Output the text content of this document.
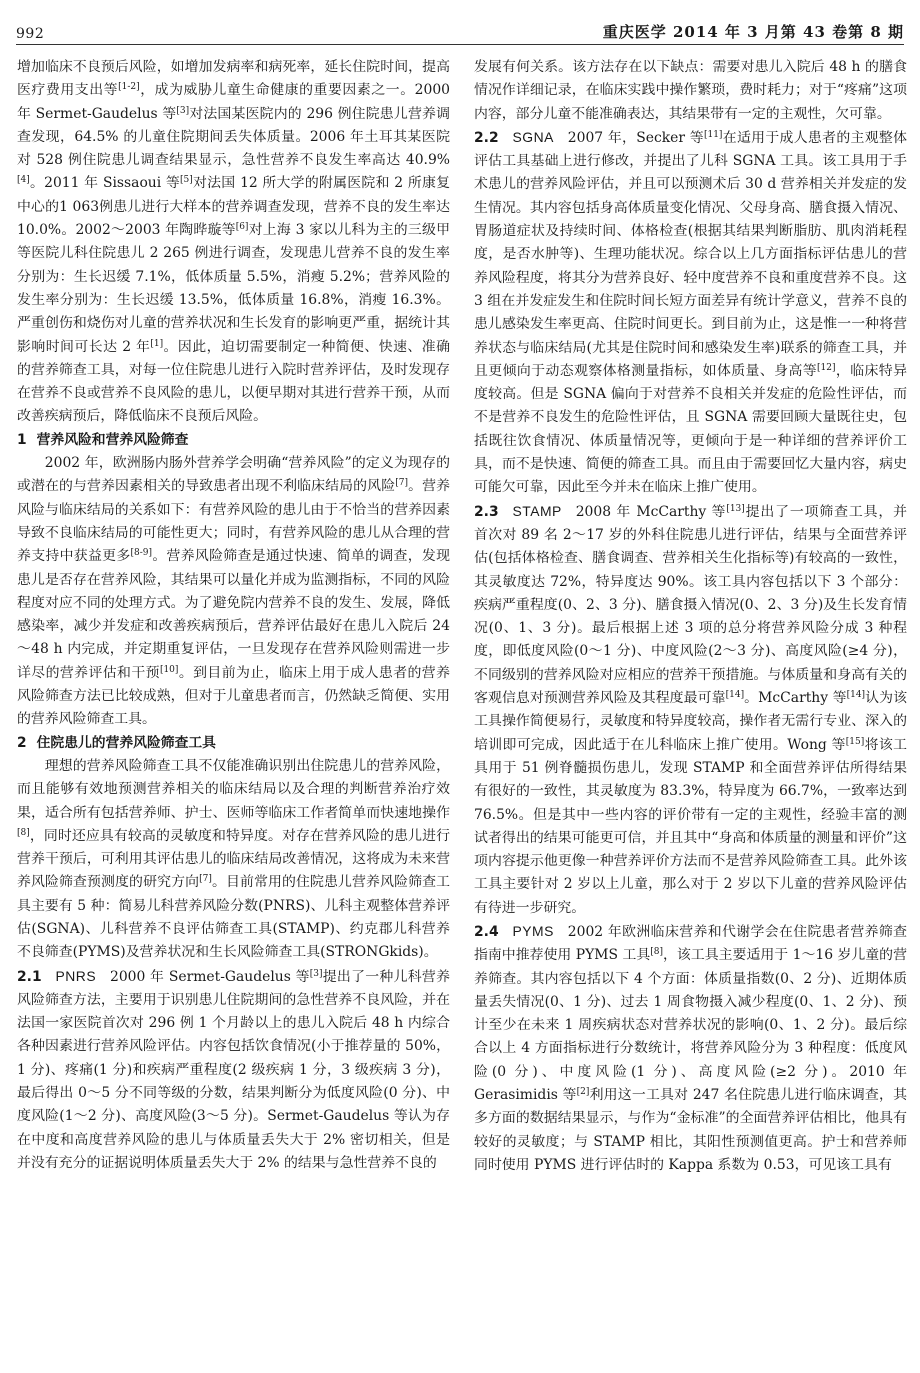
992	重庆医学 2014 年 3 月第 43 卷第 8 期

增加临床不良预后风险，如增加发病率和病死率，延长住院时间，提高医疗费用支出等[1-2]，成为威胁儿童生命健康的重要因素之一。2000 年 Sermet-Gaudelus 等[3]对法国某医院内的 296 例住院患儿营养调查发现，64.5% 的儿童住院期间丢失体质量。2006 年土耳其某医院对 528 例住院患儿调查结果显示，急性营养不良发生率高达 40.9%[4]。2011 年 Sissaoui 等[5]对法国 12 所大学的附属医院和 2 所康复中心的1 063例患儿进行大样本的营养调查发现，营养不良的发生率达 10.0%。2002～2003 年陶晔璇等[6]对上海 3 家以儿科为主的三级甲等医院儿科住院患儿 2 265 例进行调查，发现患儿营养不良的发生率分别为：生长迟缓 7.1%，低体质量 5.5%，消瘦 5.2%；营养风险的发生率分别为：生长迟缓 13.5%，低体质量 16.8%，消瘦 16.3%。严重创伤和烧伤对儿童的营养状况和生长发育的影响更严重，据统计其影响时间可长达 2 年[1]。因此，迫切需要制定一种简便、快速、准确的营养筛查工具，对每一位住院患儿进行入院时营养评估，及时发现存在营养不良或营养不良风险的患儿，以便早期对其进行营养干预，从而改善疾病预后，降低临床不良预后风险。

1 营养风险和营养风险筛查

2002 年，欧洲肠内肠外营养学会明确“营养风险”的定义为现存的或潜在的与营养因素相关的导致患者出现不利临床结局的风险[7]。营养风险与临床结局的关系如下：有营养风险的患儿由于不恰当的营养因素导致不良临床结局的可能性更大；同时，有营养风险的患儿从合理的营养支持中获益更多[8-9]。营养风险筛查是通过快速、简单的调查，发现患儿是否存在营养风险，其结果可以量化并成为监测指标，不同的风险程度对应不同的处理方式。为了避免院内营养不良的发生、发展，降低感染率，减少并发症和改善疾病预后，营养评估最好在患儿入院后 24～48 h 内完成，并定期重复评估，一旦发现存在营养风险则需进一步详尽的营养评估和干预[10]。到目前为止，临床上用于成人患者的营养风险筛查方法已比较成熟，但对于儿童患者而言，仍然缺乏简便、实用的营养风险筛查工具。

2 住院患儿的营养风险筛查工具

理想的营养风险筛查工具不仅能准确识别出住院患儿的营养风险，而且能够有效地预测营养相关的临床结局以及合理的判断营养治疗效果，适合所有包括营养师、护士、医师等临床工作者简单而快速地操作[8]，同时还应具有较高的灵敏度和特异度。对存在营养风险的患儿进行营养干预后，可利用其评估患儿的临床结局改善情况，这将成为未来营养风险筛查预测度的研究方向[7]。目前常用的住院患儿营养风险筛查工具主要有 5 种：简易儿科营养风险分数(PNRS)、儿科主观整体营养评估(SGNA)、儿科营养不良评估筛查工具(STAMP)、约克郡儿科营养不良筛查(PYMS)及营养状况和生长风险筛查工具(STRONGkids)。

2.1  PNRS  2000 年 Sermet-Gaudelus 等[3]提出了一种儿科营养风险筛查方法，主要用于识别患儿住院期间的急性营养不良风险，并在法国一家医院首次对 296 例 1 个月龄以上的患儿入院后 48 h 内综合各种因素进行营养风险评估。内容包括饮食情况(小于推荐量的 50%，1 分)、疼痛(1 分)和疾病严重程度(2 级疾病 1 分，3 级疾病 3 分)，最后得出 0～5 分不同等级的分数，结果判断分为低度风险(0 分)、中度风险(1～2 分)、高度风险(3～5 分)。Sermet-Gaudelus 等认为存在中度和高度营养风险的患儿与体质量丢失大于 2% 密切相关，但是并没有充分的证据说明体质量丢失大于 2% 的结果与急性营养不良的

发展有何关系。该方法存在以下缺点：需要对患儿入院后 48 h 的膳食情况作详细记录，在临床实践中操作繁琐，费时耗力；对于“疼痛”这项内容，部分儿童不能准确表达，其结果带有一定的主观性，欠可靠。

2.2  SGNA  2007 年，Secker 等[11]在适用于成人患者的主观整体评估工具基础上进行修改，并提出了儿科 SGNA 工具。该工具用于手术患儿的营养风险评估，并且可以预测术后 30 d 营养相关并发症的发生情况。其内容包括身高体质量变化情况、父母身高、膳食摄入情况、胃肠道症状及持续时间、体格检查(根据其结果判断脂肪、肌肉消耗程度，是否水肿等)、生理功能状况。综合以上几方面指标评估患儿的营养风险程度，将其分为营养良好、轻中度营养不良和重度营养不良。这 3 组在并发症发生和住院时间长短方面差异有统计学意义，营养不良的患儿感染发生率更高、住院时间更长。到目前为止，这是惟一一种将营养状态与临床结局(尤其是住院时间和感染发生率)联系的筛查工具，并且更倾向于动态观察体格测量指标，如体质量、身高等[12]，临床特异度较高。但是 SGNA 偏向于对营养不良相关并发症的危险性评估，而不是营养不良发生的危险性评估，且 SGNA 需要回顾大量既往史，包括既往饮食情况、体质量情况等，更倾向于是一种详细的营养评价工具，而不是快速、简便的筛查工具。而且由于需要回忆大量内容，病史可能欠可靠，因此至今并未在临床上推广使用。

2.3  STAMP  2008 年 McCarthy 等[13]提出了一项筛查工具，并首次对 89 名 2～17 岁的外科住院患儿进行评估，结果与全面营养评估(包括体格检查、膳食调查、营养相关生化指标等)有较高的一致性，其灵敏度达 72%，特异度达 90%。该工具内容包括以下 3 个部分：疾病严重程度(0、2、3 分)、膳食摄入情况(0、2、3 分)及生长发育情况(0、1、3 分)。最后根据上述 3 项的总分将营养风险分成 3 种程度，即低度风险(0～1 分)、中度风险(2～3 分)、高度风险(≥4 分)，不同级别的营养风险对应相应的营养干预措施。与体质量和身高有关的客观信息对预测营养风险及其程度最可靠[14]。McCarthy 等[14]认为该工具操作简便易行，灵敏度和特异度较高，操作者无需行专业、深入的培训即可完成，因此适于在儿科临床上推广使用。Wong 等[15]将该工具用于 51 例脊髓损伤患儿，发现 STAMP 和全面营养评估所得结果有很好的一致性，其灵敏度为 83.3%，特异度为 66.7%，一致率达到 76.5%。但是其中一些内容的评价带有一定的主观性，经验丰富的测试者得出的结果可能更可信，并且其中“身高和体质量的测量和评价”这项内容提示他更像一种营养评价方法而不是营养风险筛查工具。此外该工具主要针对 2 岁以上儿童，那么对于 2 岁以下儿童的营养风险评估有待进一步研究。

2.4  PYMS  2002 年欧洲临床营养和代谢学会在住院患者营养筛查指南中推荐使用 PYMS 工具[8]，该工具主要适用于 1～16 岁儿童的营养筛查。其内容包括以下 4 个方面：体质量指数(0、2 分)、近期体质量丢失情况(0、1 分)、过去 1 周食物摄入减少程度(0、1、2 分)、预计至少在未来 1 周疾病状态对营养状况的影响(0、1、2 分)。最后综合以上 4 方面指标进行分数统计，将营养风险分为 3 种程度：低度风险(0 分)、中度风险(1 分)、高度风险(≥2 分)。2010 年 Gerasimidis 等[2]利用这一工具对 247 名住院患儿进行临床调查，其多方面的数据结果显示，与作为“金标准”的全面营养评估相比，他具有较好的灵敏度；与 STAMP 相比，其阳性预测值更高。护士和营养师同时使用 PYMS 进行评估时的 Kappa 系数为 0.53，可见该工具有
